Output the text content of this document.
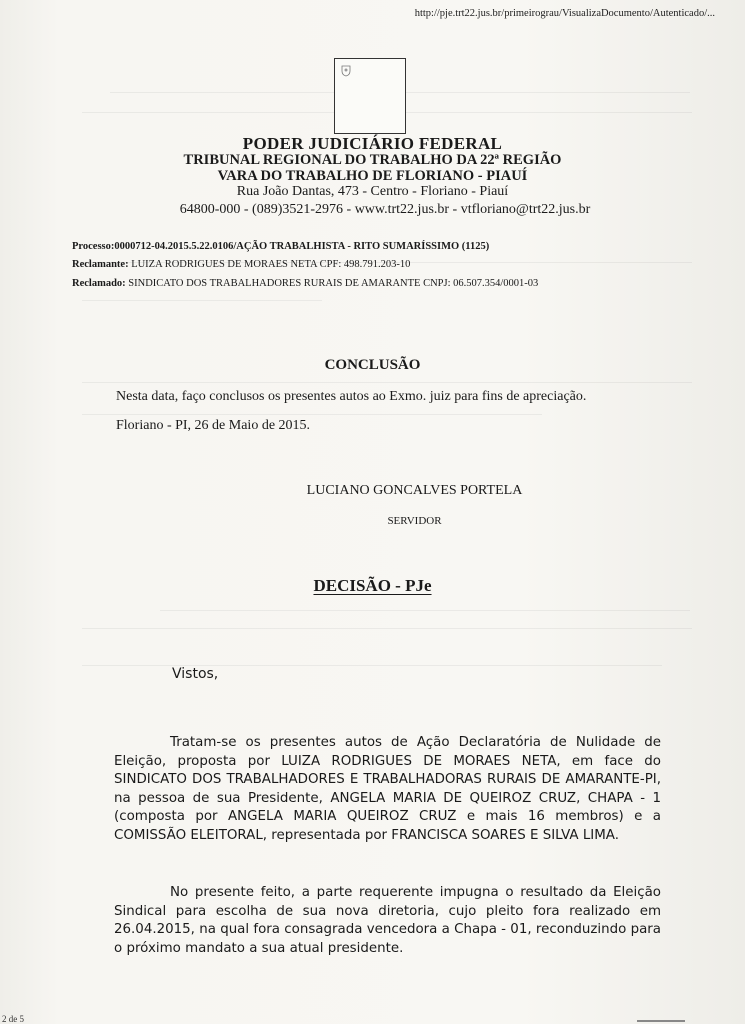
http://pje.trt22.jus.br/primeirograu/VisualizaDocumento/Autenticado/...
PODER JUDICIÁRIO FEDERAL
TRIBUNAL REGIONAL DO TRABALHO DA 22ª REGIÃO
VARA DO TRABALHO DE FLORIANO - PIAUÍ
Rua João Dantas, 473 - Centro - Floriano - Piauí
64800-000 - (089)3521-2976 - www.trt22.jus.br - vtfloriano@trt22.jus.br
Processo:0000712-04.2015.5.22.0106/AÇÃO TRABALHISTA - RITO SUMARÍSSIMO (1125)
Reclamante: LUIZA RODRIGUES DE MORAES NETA CPF: 498.791.203-10
Reclamado: SINDICATO DOS TRABALHADORES RURAIS DE AMARANTE CNPJ: 06.507.354/0001-03
CONCLUSÃO
Nesta data, faço conclusos os presentes autos ao Exmo. juiz para fins de apreciação.
Floriano - PI, 26 de Maio de 2015.
LUCIANO GONCALVES PORTELA
SERVIDOR
DECISÃO - PJe
Vistos,

Tratam-se os presentes autos de Ação Declaratória de Nulidade de Eleição, proposta por LUIZA RODRIGUES DE MORAES NETA, em face do SINDICATO DOS TRABALHADORES E TRABALHADORAS RURAIS DE AMARANTE-PI, na pessoa de sua Presidente, ANGELA MARIA DE QUEIROZ CRUZ, CHAPA - 1 (composta por ANGELA MARIA QUEIROZ CRUZ e mais 16 membros) e a COMISSÃO ELEITORAL, representada por FRANCISCA SOARES E SILVA LIMA.

No presente feito, a parte requerente impugna o resultado da Eleição Sindical para escolha de sua nova diretoria, cujo pleito fora realizado em 26.04.2015, na qual fora consagrada vencedora a Chapa - 01, reconduzindo para o próximo mandato a sua atual presidente.

2 de 5
